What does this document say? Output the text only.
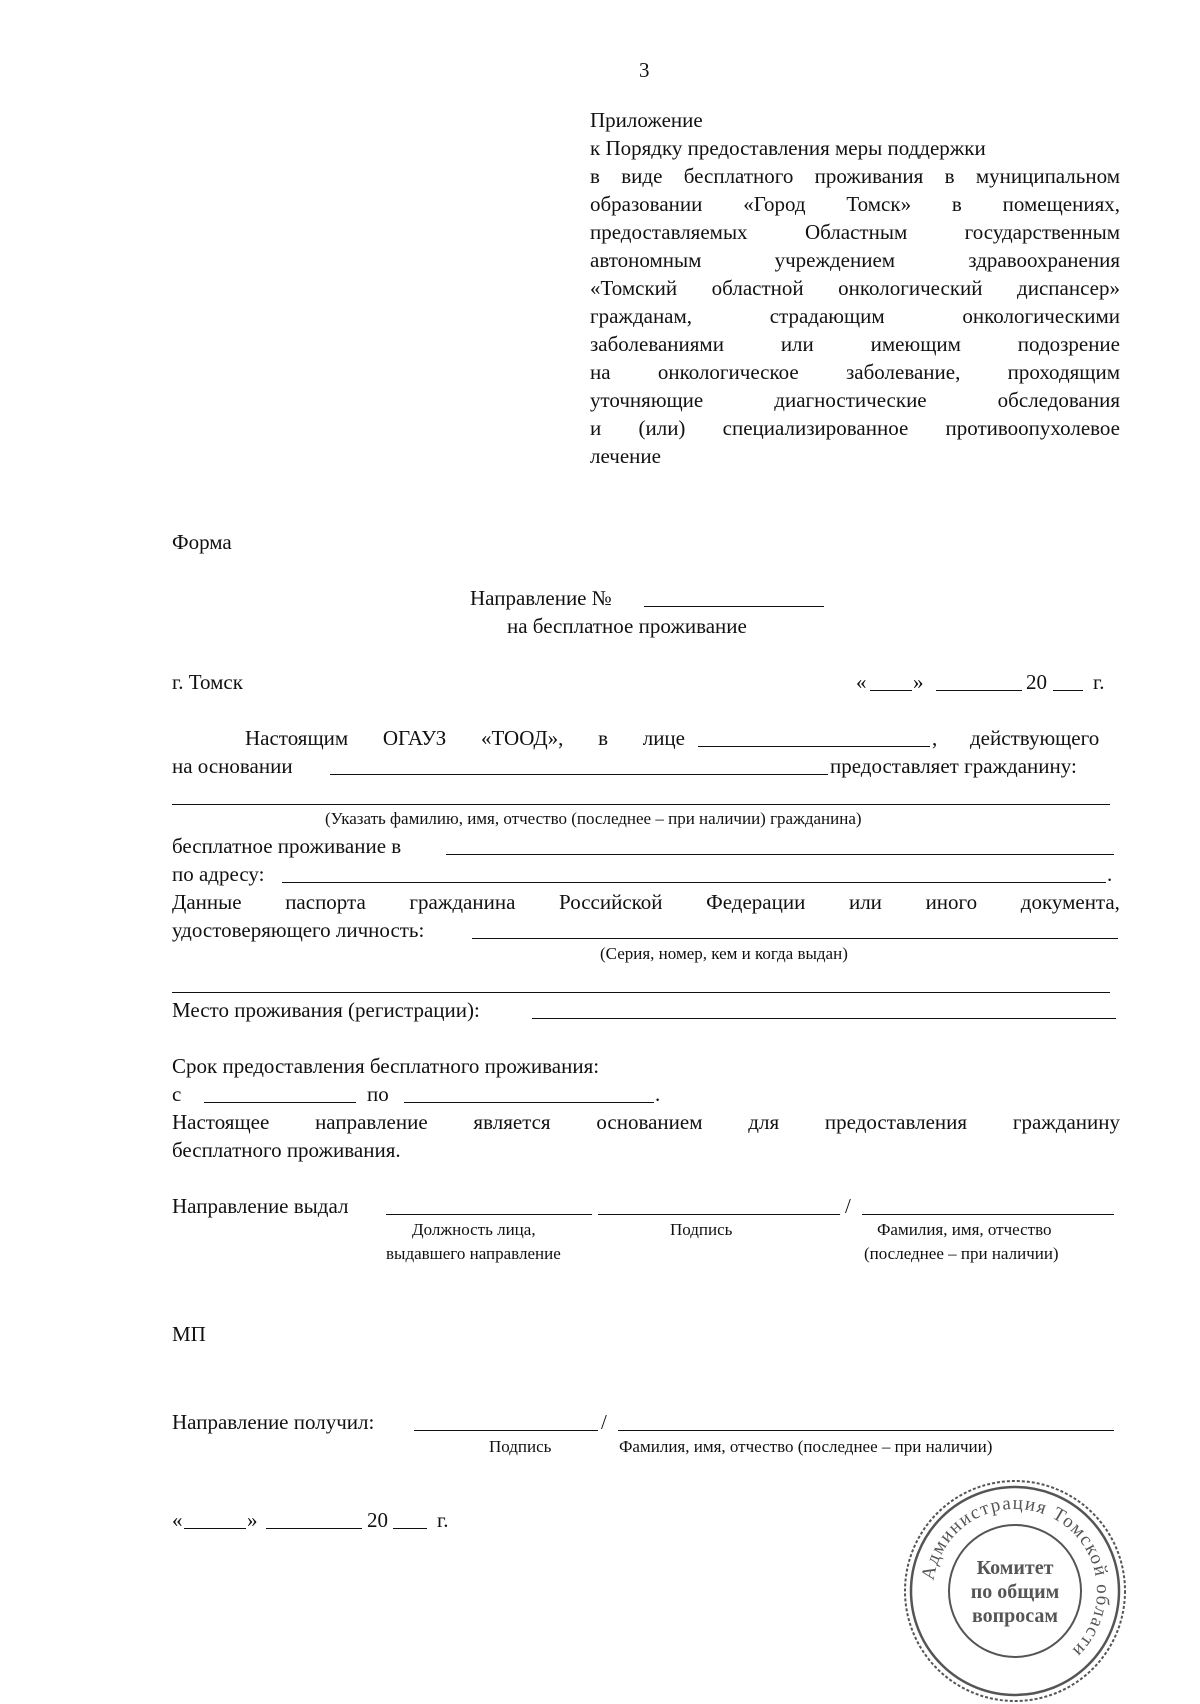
3
Приложение
к Порядку предоставления меры поддержки
в виде бесплатного проживания в муниципальном
образовании «Город Томск» в помещениях,
предоставляемых Областным государственным
автономным учреждением здравоохранения
«Томский областной онкологический диспансер»
гражданам, страдающим онкологическими
заболеваниями или имеющим подозрение
на онкологическое заболевание, проходящим
уточняющие диагностические обследования
и (или) специализированное противоопухолевое
лечение
Форма
Направление №
на бесплатное проживание
г. Томск	« »	20 г.
Настоящим ОГАУЗ «ТООД», в лице	, действующего
на основании	предоставляет гражданину:
(Указать фамилию, имя, отчество (последнее – при наличии) гражданина)
бесплатное проживание в
по адресу:	.
Данные паспорта гражданина Российской Федерации или иного документа,
удостоверяющего личность:
(Серия, номер, кем и когда выдан)
Место проживания (регистрации):
Срок предоставления бесплатного проживания:
с	по	.
Настоящее направление является основанием для предоставления гражданину
бесплатного проживания.
Направление выдал	/
Должность лица,
выдавшего направление
Подпись	Фамилия, имя, отчество
(последнее – при наличии)
МП
Направление получил:	/
Подпись	Фамилия, имя, отчество (последнее – при наличии)
«	»	20 г.
Администрация Томской области
Комитет
по общим
вопросам
